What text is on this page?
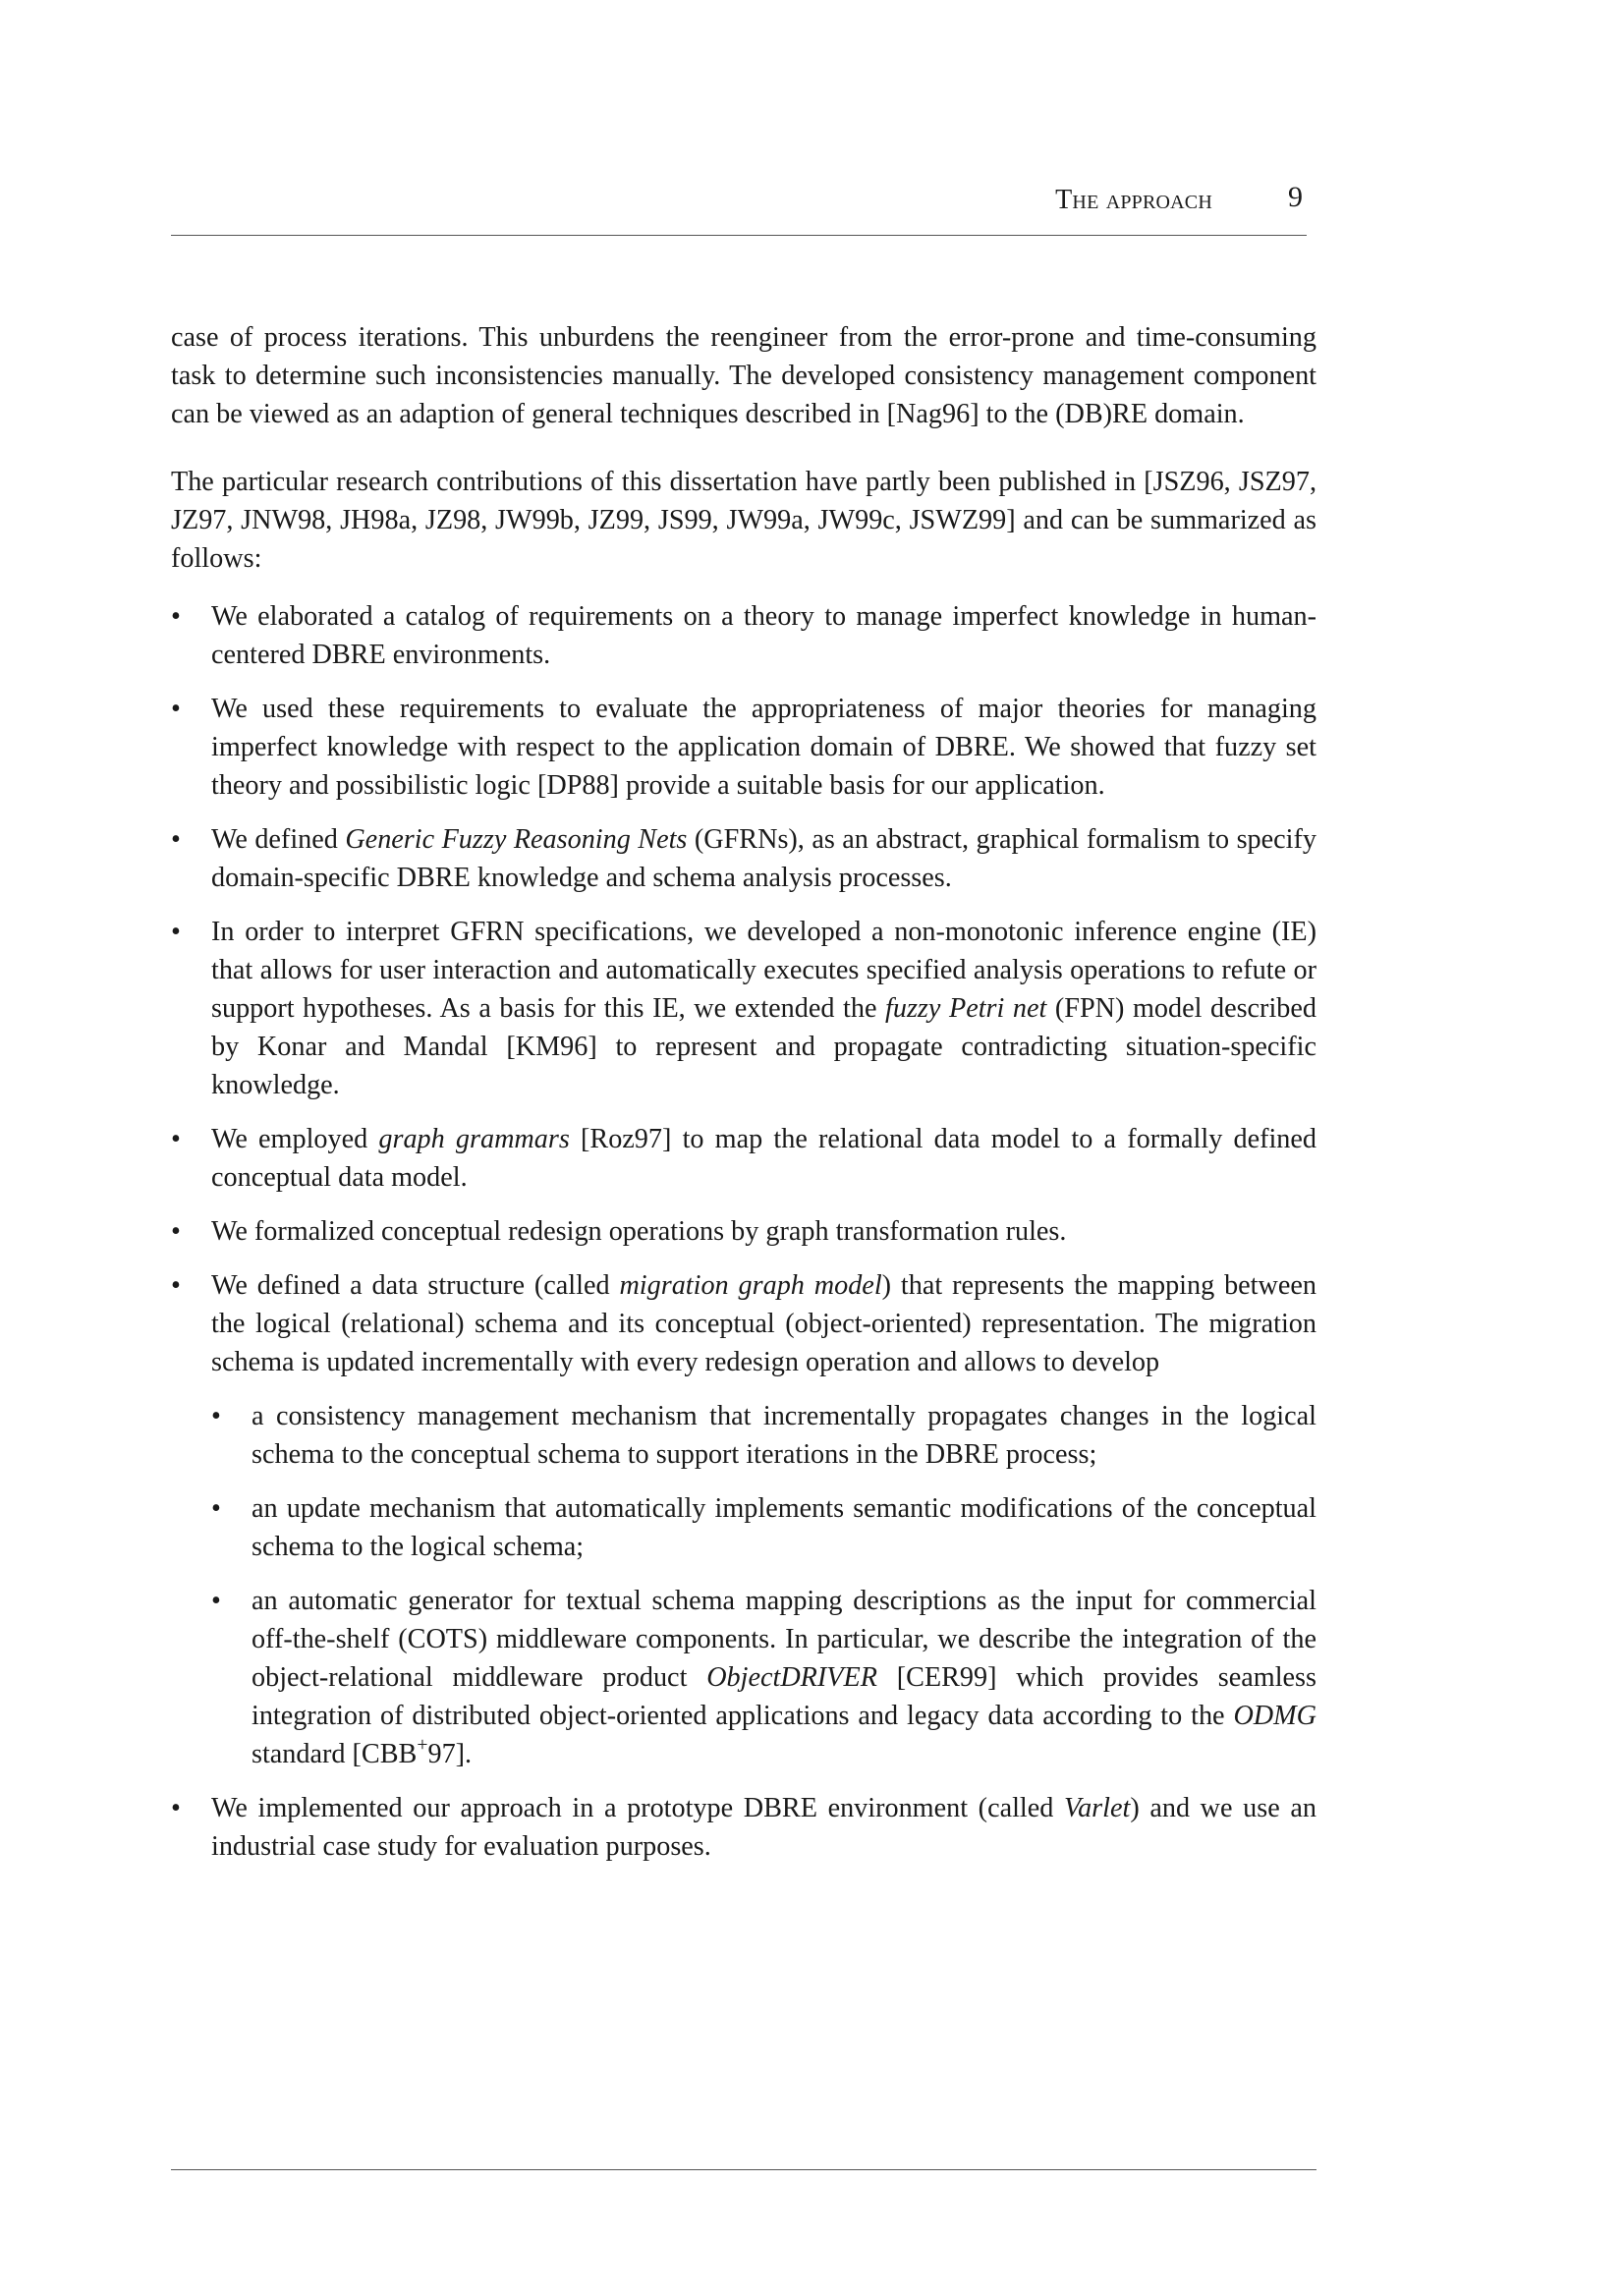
The approach	9

case of process iterations. This unburdens the reengineer from the error-prone and time-consuming task to determine such inconsistencies manually. The developed consistency management component can be viewed as an adaption of general techniques described in [Nag96] to the (DB)RE domain.

The particular research contributions of this dissertation have partly been published in [JSZ96, JSZ97, JZ97, JNW98, JH98a, JZ98, JW99b, JZ99, JS99, JW99a, JW99c, JSWZ99] and can be summarized as follows:

•	We elaborated a catalog of requirements on a theory to manage imperfect knowledge in human-centered DBRE environments.
•	We used these requirements to evaluate the appropriateness of major theories for managing imperfect knowledge with respect to the application domain of DBRE. We showed that fuzzy set theory and possibilistic logic [DP88] provide a suitable basis for our application.
•	We defined Generic Fuzzy Reasoning Nets (GFRNs), as an abstract, graphical formalism to specify domain-specific DBRE knowledge and schema analysis processes.
•	In order to interpret GFRN specifications, we developed a non-monotonic inference engine (IE) that allows for user interaction and automatically executes specified analysis operations to refute or support hypotheses. As a basis for this IE, we extended the fuzzy Petri net (FPN) model described by Konar and Mandal [KM96] to represent and propagate contradicting situation-specific knowledge.
•	We employed graph grammars [Roz97] to map the relational data model to a formally defined conceptual data model.
•	We formalized conceptual redesign operations by graph transformation rules.
•	We defined a data structure (called migration graph model) that represents the mapping between the logical (relational) schema and its conceptual (object-oriented) representation. The migration schema is updated incrementally with every redesign operation and allows to develop
•	a consistency management mechanism that incrementally propagates changes in the logical schema to the conceptual schema to support iterations in the DBRE process;
•	an update mechanism that automatically implements semantic modifications of the conceptual schema to the logical schema;
•	an automatic generator for textual schema mapping descriptions as the input for commercial off-the-shelf (COTS) middleware components. In particular, we describe the integration of the object-relational middleware product ObjectDRIVER [CER99] which provides seamless integration of distributed object-oriented applications and legacy data according to the ODMG standard [CBB+97].
•	We implemented our approach in a prototype DBRE environment (called Varlet) and we use an industrial case study for evaluation purposes.
